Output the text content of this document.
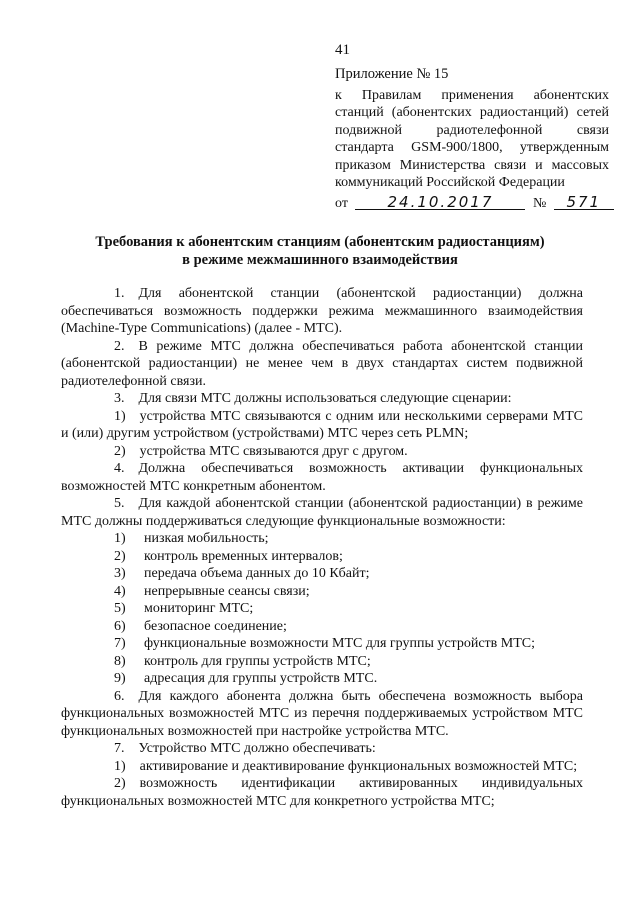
41
Приложение № 15
к Правилам применения абонентских станций (абонентских радиостанций) сетей подвижной радиотелефонной связи стандарта GSM-900/1800, утвержденным приказом Министерства связи и массовых коммуникаций Российской Федерации
от	24.10.2017	№ 571
Требования к абонентским станциям (абонентским радиостанциям)
в режиме межмашинного взаимодействия

1. Для абонентской станции (абонентской радиостанции) должна обеспечиваться возможность поддержки режима межмашинного взаимодействия (Machine-Type Communications) (далее - МТС).

2. В режиме МТС должна обеспечиваться работа абонентской станции (абонентской радиостанции) не менее чем в двух стандартах систем подвижной радиотелефонной связи.

3. Для связи МТС должны использоваться следующие сценарии:

1) устройства МТС связываются с одним или несколькими серверами МТС и (или) другим устройством (устройствами) МТС через сеть PLMN;

2) устройства МТС связываются друг с другом.

4. Должна обеспечиваться возможность активации функциональных возможностей МТС конкретным абонентом.

5. Для каждой абонентской станции (абонентской радиостанции) в режиме МТС должны поддерживаться следующие функциональные возможности:

1) низкая мобильность;

2) контроль временных интервалов;

3) передача объема данных до 10 Кбайт;

4) непрерывные сеансы связи;

5) мониторинг МТС;

6) безопасное соединение;

7) функциональные возможности МТС для группы устройств МТС;

8) контроль для группы устройств МТС;

9) адресация для группы устройств МТС.

6. Для каждого абонента должна быть обеспечена возможность выбора функциональных возможностей МТС из перечня поддерживаемых устройством МТС функциональных возможностей при настройке устройства МТС.

7. Устройство МТС должно обеспечивать:

1) активирование и деактивирование функциональных возможностей МТС;

2) возможность идентификации активированных индивидуальных функциональных возможностей МТС для конкретного устройства МТС;
